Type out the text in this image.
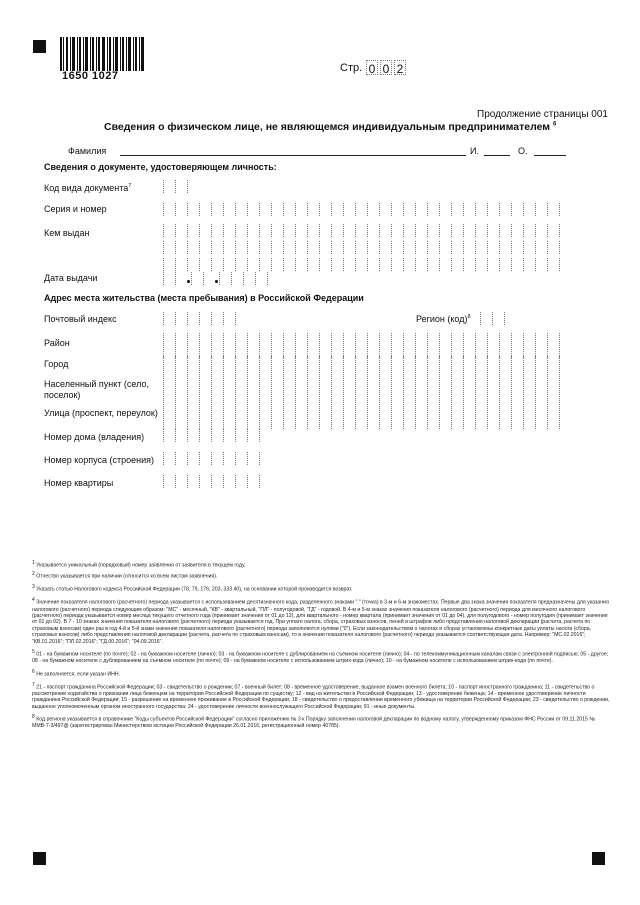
1650 1027
Стр. 0 0 2
Продолжение страницы 001
Сведения о физическом лице, не являющемся индивидуальным предпринимателем $^6$
Фамилия	И.	О.
Сведения о документе, удостоверяющем личность:
Код вида документа$^7$
Серия и номер
Кем выдан
Дата выдачи
Адрес места жительства (места пребывания) в Российской Федерации
Почтовый индекс	Регион (код)$^8$
Район
Город
Населенный пункт (село,
поселок)
Улица (проспект, переулок)
Номер дома (владения)
Номер корпуса (строения)
Номер квартиры

1 Указывается уникальный (порядковый) номер заявления от заявителя в текущем году.

2 Отчество указывается при наличии (относится ко всем листам заявления).

3 Указать статью Налогового кодекса Российской Федерации (78, 79, 176, 203, 333 40), на основании которой производится возврат.

4 Значение показателя налогового (расчетного) периода указывается с использованием десятизначного кода, разделенного знаками "." (точка) в 3-м и 6-м знакоместах. Первые два знака значения показателя предназначены для указания налогового (расчетного) периода следующим образом: "МС" - месячный, "КВ" - квартальный, "ПЛ" - полугодовой, "ГД" - годовой. В 4-м и 5-м знаках значения показателя налогового (расчетного) периода для месячного налогового (расчетного) периода указывается номер месяца текущего отчетного года (принимает значения от 01 до 12), для квартального - номер квартала (принимает значения от 01 до 04), для полугодового - номер полугодия (принимает значения от 01 до 02). В 7 - 10 знаках значения показателя налогового (расчетного) периода указывается год. При уплате налога, сбора, страховых взносов, пеней и штрафов либо представления налоговой декларации (расчета, расчета по страховым взносам) один раз в год 4-й и 5-й знаки значения показателя налогового (расчетного) периода заполняются нулями ("0"). Если законодательством о налогах и сборах установлены конкретные даты уплаты налога (сбора, страховых взносов) либо представления налоговой декларации (расчета, расчета по страховым взносам), то в значении показателя налогового (расчетного) периода указывается соответствующая дата. Например: "МС.02.2016"; "КВ.01.2016"; "ПЛ.02.2016"; "ГД.00.2016"; "04.09.2016".

5 01 - на бумажном носителе (по почте); 02 - на бумажном носителе (лично); 03 - на бумажном носителе с дублированием на съемном носителе (лично); 04 - по телекоммуникационным каналам связи с электронной подписью; 05 - другое; 08 - на бумажном носителе с дублированием на съемном носителе (по почте); 09 - на бумажном носителе с использованием штрих-кода (лично); 10 - на бумажном носителе с использованием штрих-кода (по почте).

6 Не заполняется, если указан ИНН.

7 21 - паспорт гражданина Российской Федерации; 03 - свидетельство о рождении; 07 - военный билет; 08 - временное удостоверение, выданное взамен военного билета; 10 - паспорт иностранного гражданина; 11 - свидетельство о рассмотрении ходатайства о признании лица беженцем на территории Российской Федерации по существу; 12 - вид на жительство в Российской Федерации; 13 - удостоверение беженца; 14 - временное удостоверение личности гражданина Российской Федерации; 15 - разрешение на временное проживание в Российской Федерации; 18 - свидетельство о предоставлении временного убежища на территории Российской Федерации; 23 - свидетельство о рождении, выданное уполномоченным органом иностранного государства; 24 - удостоверение личности военнослужащего Российской Федерации; 91 - иные документы.

8 Код региона указывается в справочнике "Коды субъектов Российской Федерации" согласно приложению № 3 к Порядку заполнения налоговой декларации по водному налогу, утвержденному приказом ФНС России от 09.11.2015 № ММВ-7-3/497@ (зарегистрирован Министерством юстиции Российской Федерации 26.01.2016, регистрационный номер 40785).
